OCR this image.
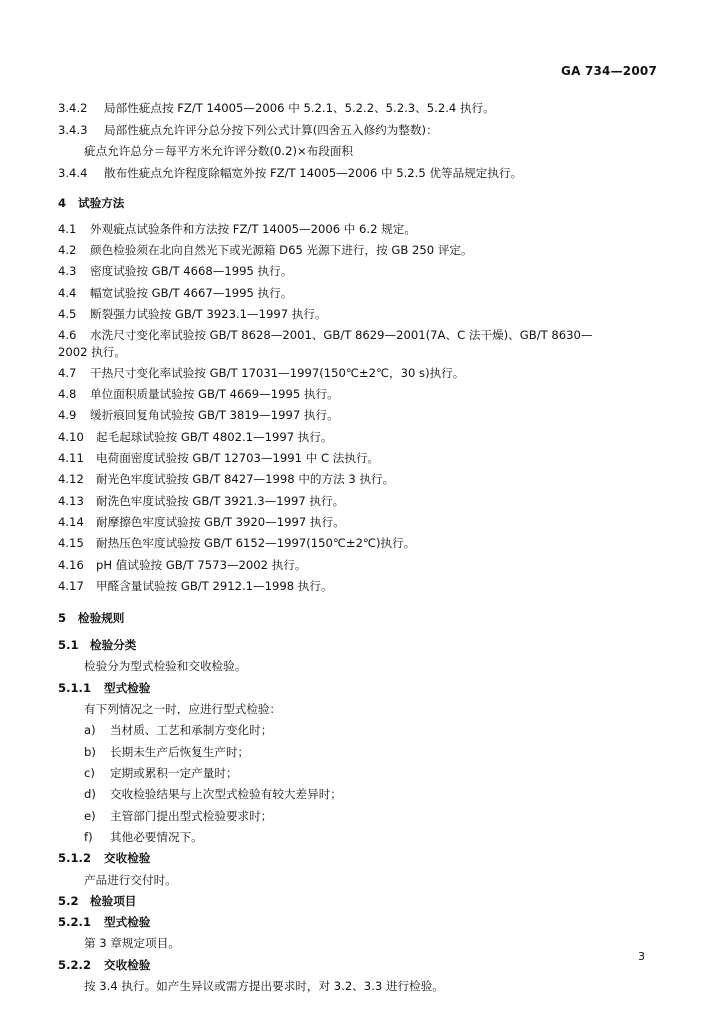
GA 734—2007
3.4.2 局部性疵点按 FZ/T 14005—2006 中 5.2.1、5.2.2、5.2.3、5.2.4 执行。
3.4.3 局部性疵点允许评分总分按下列公式计算(四舍五入修约为整数)：
疵点允许总分＝每平方米允许评分数(0.2)×布段面积
3.4.4 散布性疵点允许程度除幅宽外按 FZ/T 14005—2006 中 5.2.5 优等品规定执行。
4 试验方法
4.1 外观疵点试验条件和方法按 FZ/T 14005—2006 中 6.2 规定。
4.2 颜色检验须在北向自然光下或光源箱 D65 光源下进行，按 GB 250 评定。
4.3 密度试验按 GB/T 4668—1995 执行。
4.4 幅宽试验按 GB/T 4667—1995 执行。
4.5 断裂强力试验按 GB/T 3923.1—1997 执行。
4.6 水洗尺寸变化率试验按 GB/T 8628—2001、GB/T 8629—2001(7A、C 法干燥)、GB/T 8630—
2002 执行。
4.7 干热尺寸变化率试验按 GB/T 17031—1997(150℃±2℃，30 s)执行。
4.8 单位面积质量试验按 GB/T 4669—1995 执行。
4.9 缓折痕回复角试验按 GB/T 3819—1997 执行。
4.10 起毛起球试验按 GB/T 4802.1—1997 执行。
4.11 电荷面密度试验按 GB/T 12703—1991 中 C 法执行。
4.12 耐光色牢度试验按 GB/T 8427—1998 中的方法 3 执行。
4.13 耐洗色牢度试验按 GB/T 3921.3—1997 执行。
4.14 耐摩擦色牢度试验按 GB/T 3920—1997 执行。
4.15 耐热压色牢度试验按 GB/T 6152—1997(150℃±2℃)执行。
4.16 pH 值试验按 GB/T 7573—2002 执行。
4.17 甲醛含量试验按 GB/T 2912.1—1998 执行。
5 检验规则
5.1 检验分类
检验分为型式检验和交收检验。
5.1.1 型式检验
有下列情况之一时，应进行型式检验：
a) 当材质、工艺和承制方变化时；
b) 长期未生产后恢复生产时；
c) 定期或累积一定产量时；
d) 交收检验结果与上次型式检验有较大差异时；
e) 主管部门提出型式检验要求时；
f) 其他必要情况下。
5.1.2 交收检验
产品进行交付时。
5.2 检验项目
5.2.1 型式检验
第 3 章规定项目。
5.2.2 交收检验
按 3.4 执行。如产生异议或需方提出要求时，对 3.2、3.3 进行检验。
3
